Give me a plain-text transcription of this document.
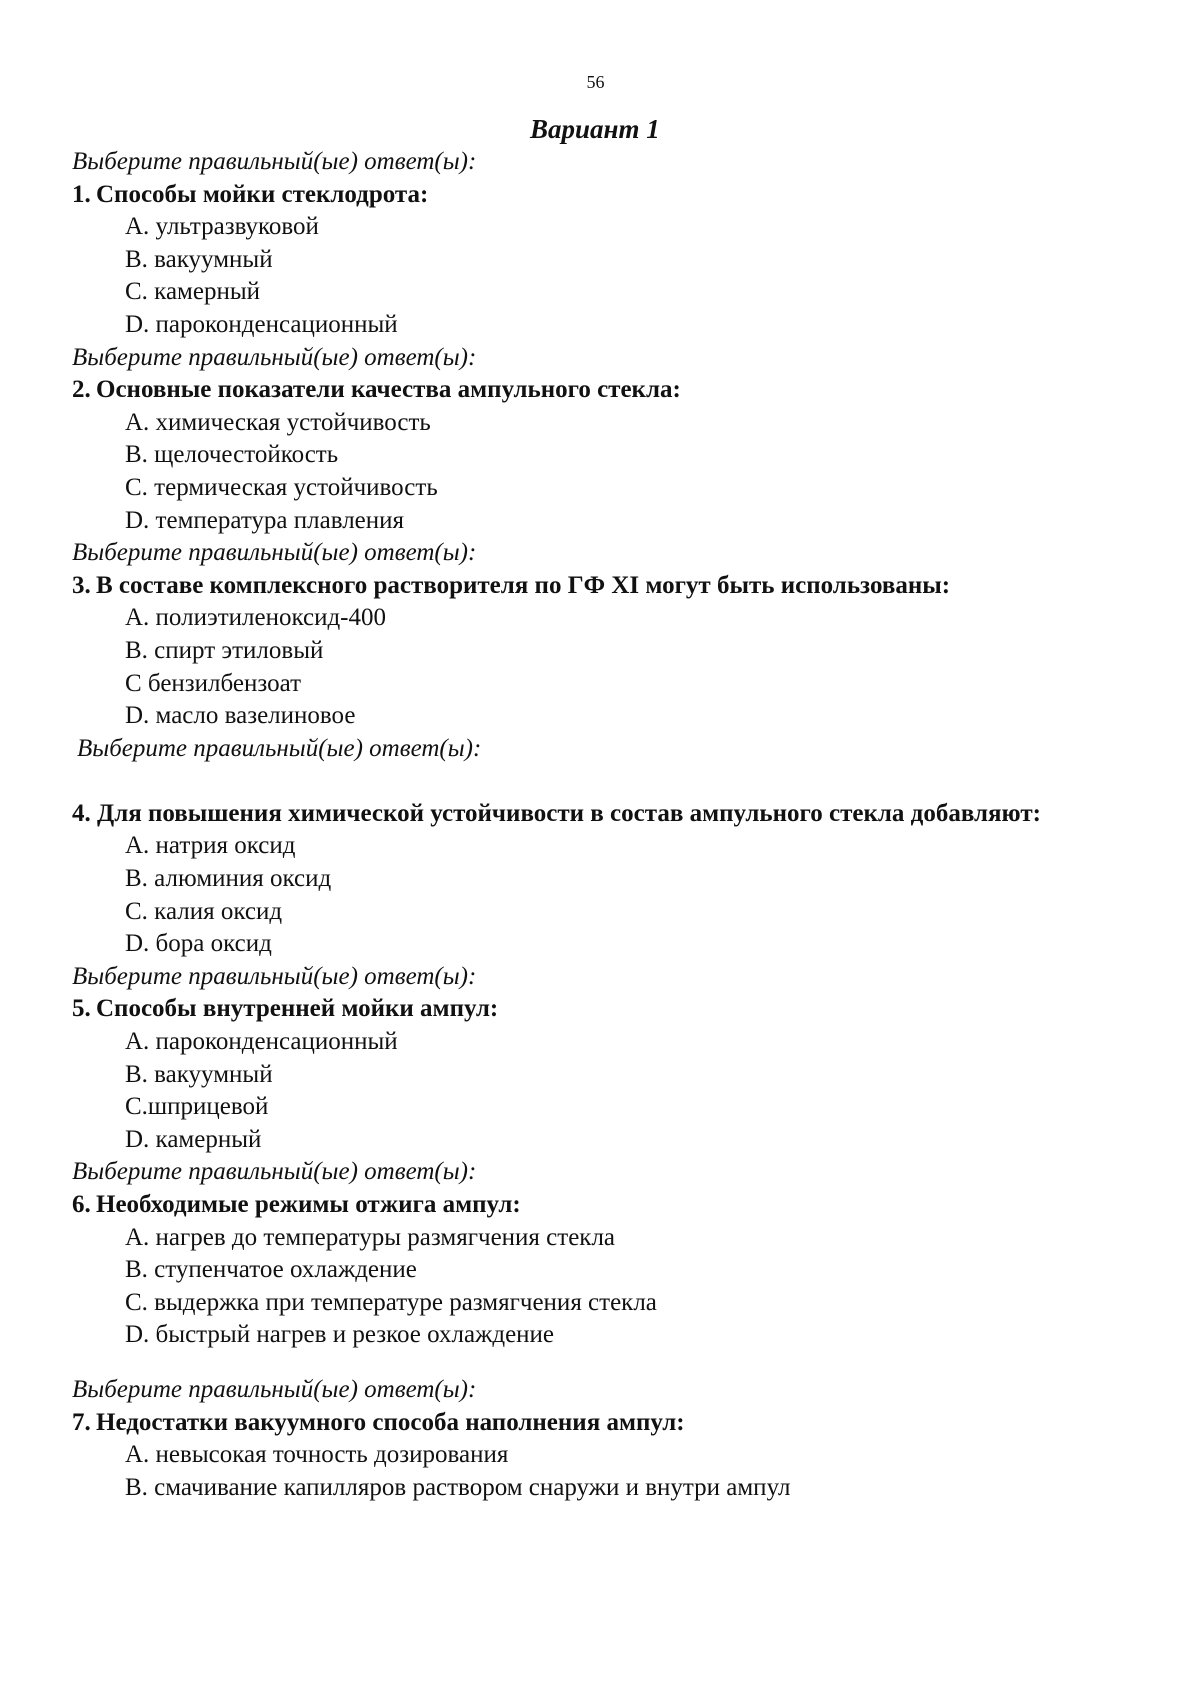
56
Вариант 1
Выберите правильный(ые) ответ(ы):
1. Способы мойки стеклодрота:
A. ультразвуковой
B. вакуумный
C. камерный
D. пароконденсационный
Выберите правильный(ые) ответ(ы):
2. Основные показатели качества ампульного стекла:
A. химическая устойчивость
B. щелочестойкость
C. термическая устойчивость
D. температура плавления
Выберите правильный(ые) ответ(ы):
3. В составе комплексного растворителя по ГФ XI могут быть использованы:
A. полиэтиленоксид-400
B. спирт этиловый
С бензилбензоат
D. масло вазелиновое
Выберите правильный(ые) ответ(ы):
4. Для повышения химической устойчивости в состав ампульного стекла добавляют:
A. натрия оксид
B. алюминия оксид
C. калия оксид
D. бора оксид
Выберите правильный(ые) ответ(ы):
5. Способы внутренней мойки ампул:
A. пароконденсационный
B. вакуумный
C.шприцевой
D. камерный
Выберите правильный(ые) ответ(ы):
6. Необходимые режимы отжига ампул:
A. нагрев до температуры размягчения стекла
B. ступенчатое охлаждение
C. выдержка при температуре размягчения стекла
D. быстрый нагрев и резкое охлаждение
Выберите правильный(ые) ответ(ы):
7. Недостатки вакуумного способа наполнения ампул:
A. невысокая точность дозирования
B. смачивание капилляров раствором снаружи и внутри ампул
